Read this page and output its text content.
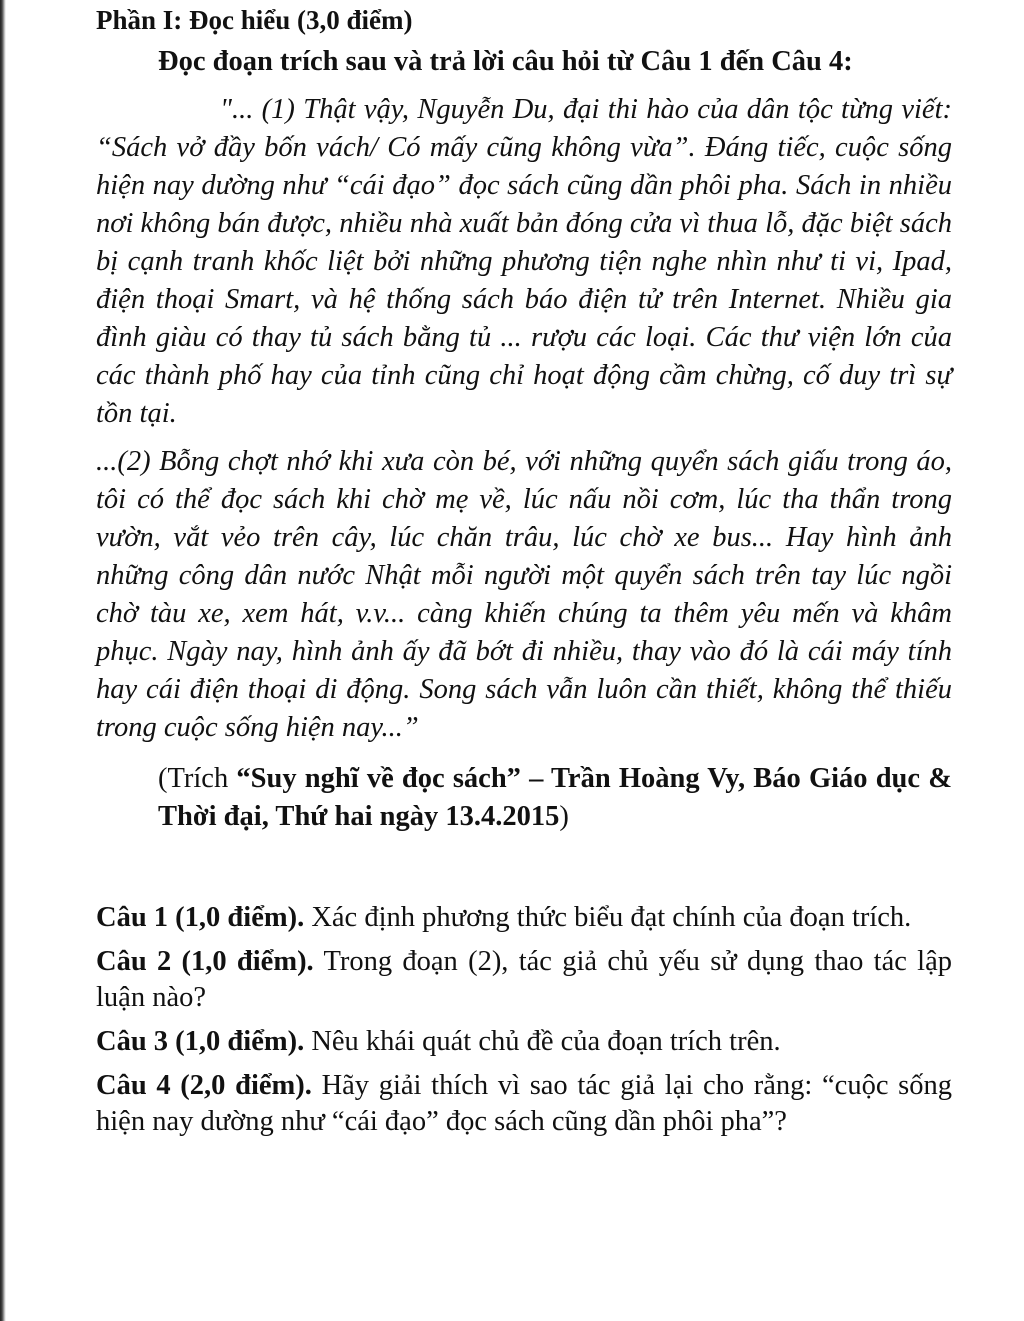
Phần I: Đọc hiểu (3,0 điểm)

Đọc đoạn trích sau và trả lời câu hỏi từ Câu 1 đến Câu 4:

"... (1) Thật vậy, Nguyễn Du, đại thi hào của dân tộc từng viết: “Sách vở đầy bốn vách/ Có mấy cũng không vừa”. Đáng tiếc, cuộc sống hiện nay dường như “cái đạo” đọc sách cũng dần phôi pha. Sách in nhiều nơi không bán được, nhiều nhà xuất bản đóng cửa vì thua lỗ, đặc biệt sách bị cạnh tranh khốc liệt bởi những phương tiện nghe nhìn như ti vi, Ipad, điện thoại Smart, và hệ thống sách báo điện tử trên Internet. Nhiều gia đình giàu có thay tủ sách bằng tủ ... rượu các loại. Các thư viện lớn của các thành phố hay của tỉnh cũng chỉ hoạt động cầm chừng, cố duy trì sự tồn tại.

...(2) Bỗng chợt nhớ khi xưa còn bé, với những quyển sách giấu trong áo, tôi có thể đọc sách khi chờ mẹ về, lúc nấu nồi cơm, lúc tha thẩn trong vườn, vắt vẻo trên cây, lúc chăn trâu, lúc chờ xe bus... Hay hình ảnh những công dân nước Nhật mỗi người một quyển sách trên tay lúc ngồi chờ tàu xe, xem hát, v.v... càng khiến chúng ta thêm yêu mến và khâm phục. Ngày nay, hình ảnh ấy đã bớt đi nhiều, thay vào đó là cái máy tính hay cái điện thoại di động. Song sách vẫn luôn cần thiết, không thể thiếu trong cuộc sống hiện nay...”

(Trích “Suy nghĩ về đọc sách” – Trần Hoàng Vy, Báo Giáo dục & Thời đại, Thứ hai ngày 13.4.2015)

Câu 1 (1,0 điểm). Xác định phương thức biểu đạt chính của đoạn trích.

Câu 2 (1,0 điểm). Trong đoạn (2), tác giả chủ yếu sử dụng thao tác lập luận nào?

Câu 3 (1,0 điểm). Nêu khái quát chủ đề của đoạn trích trên.

Câu 4 (2,0 điểm). Hãy giải thích vì sao tác giả lại cho rằng: “cuộc sống hiện nay dường như “cái đạo” đọc sách cũng dần phôi pha”?
